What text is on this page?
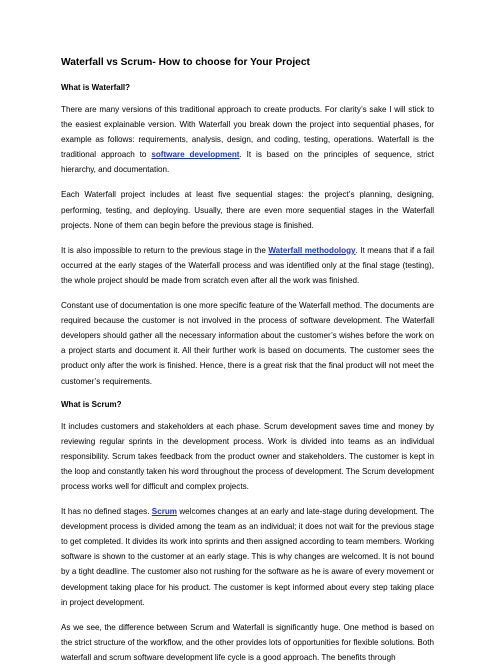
Waterfall vs Scrum- How to choose for Your Project
What is Waterfall?

There are many versions of this traditional approach to create products. For clarity’s sake I will stick to the easiest explainable version. With Waterfall you break down the project into sequential phases, for example as follows: requirements, analysis, design, and coding, testing, operations. Waterfall is the traditional approach to software development. It is based on the principles of sequence, strict hierarchy, and documentation.

Each Waterfall project includes at least five sequential stages: the project’s planning, designing, performing, testing, and deploying. Usually, there are even more sequential stages in the Waterfall projects. None of them can begin before the previous stage is finished.

It is also impossible to return to the previous stage in the Waterfall methodology. It means that if a fail occurred at the early stages of the Waterfall process and was identified only at the final stage (testing), the whole project should be made from scratch even after all the work was finished.

Constant use of documentation is one more specific feature of the Waterfall method. The documents are required because the customer is not involved in the process of software development. The Waterfall developers should gather all the necessary information about the customer’s wishes before the work on a project starts and document it. All their further work is based on documents. The customer sees the product only after the work is finished. Hence, there is a great risk that the final product will not meet the customer’s requirements.

What is Scrum?

It includes customers and stakeholders at each phase. Scrum development saves time and money by reviewing regular sprints in the development process. Work is divided into teams as an individual responsibility. Scrum takes feedback from the product owner and stakeholders. The customer is kept in the loop and constantly taken his word throughout the process of development. The Scrum development process works well for difficult and complex projects.

It has no defined stages. Scrum welcomes changes at an early and late-stage during development. The development process is divided among the team as an individual; it does not wait for the previous stage to get completed. It divides its work into sprints and then assigned according to team members. Working software is shown to the customer at an early stage. This is why changes are welcomed. It is not bound by a tight deadline. The customer also not rushing for the software as he is aware of every movement or development taking place for his product. The customer is kept informed about every step taking place in project development.

As we see, the difference between Scrum and Waterfall is significantly huge. One method is based on the strict structure of the workflow, and the other provides lots of opportunities for flexible solutions. Both waterfall and scrum software development life cycle is a good approach. The benefits through
